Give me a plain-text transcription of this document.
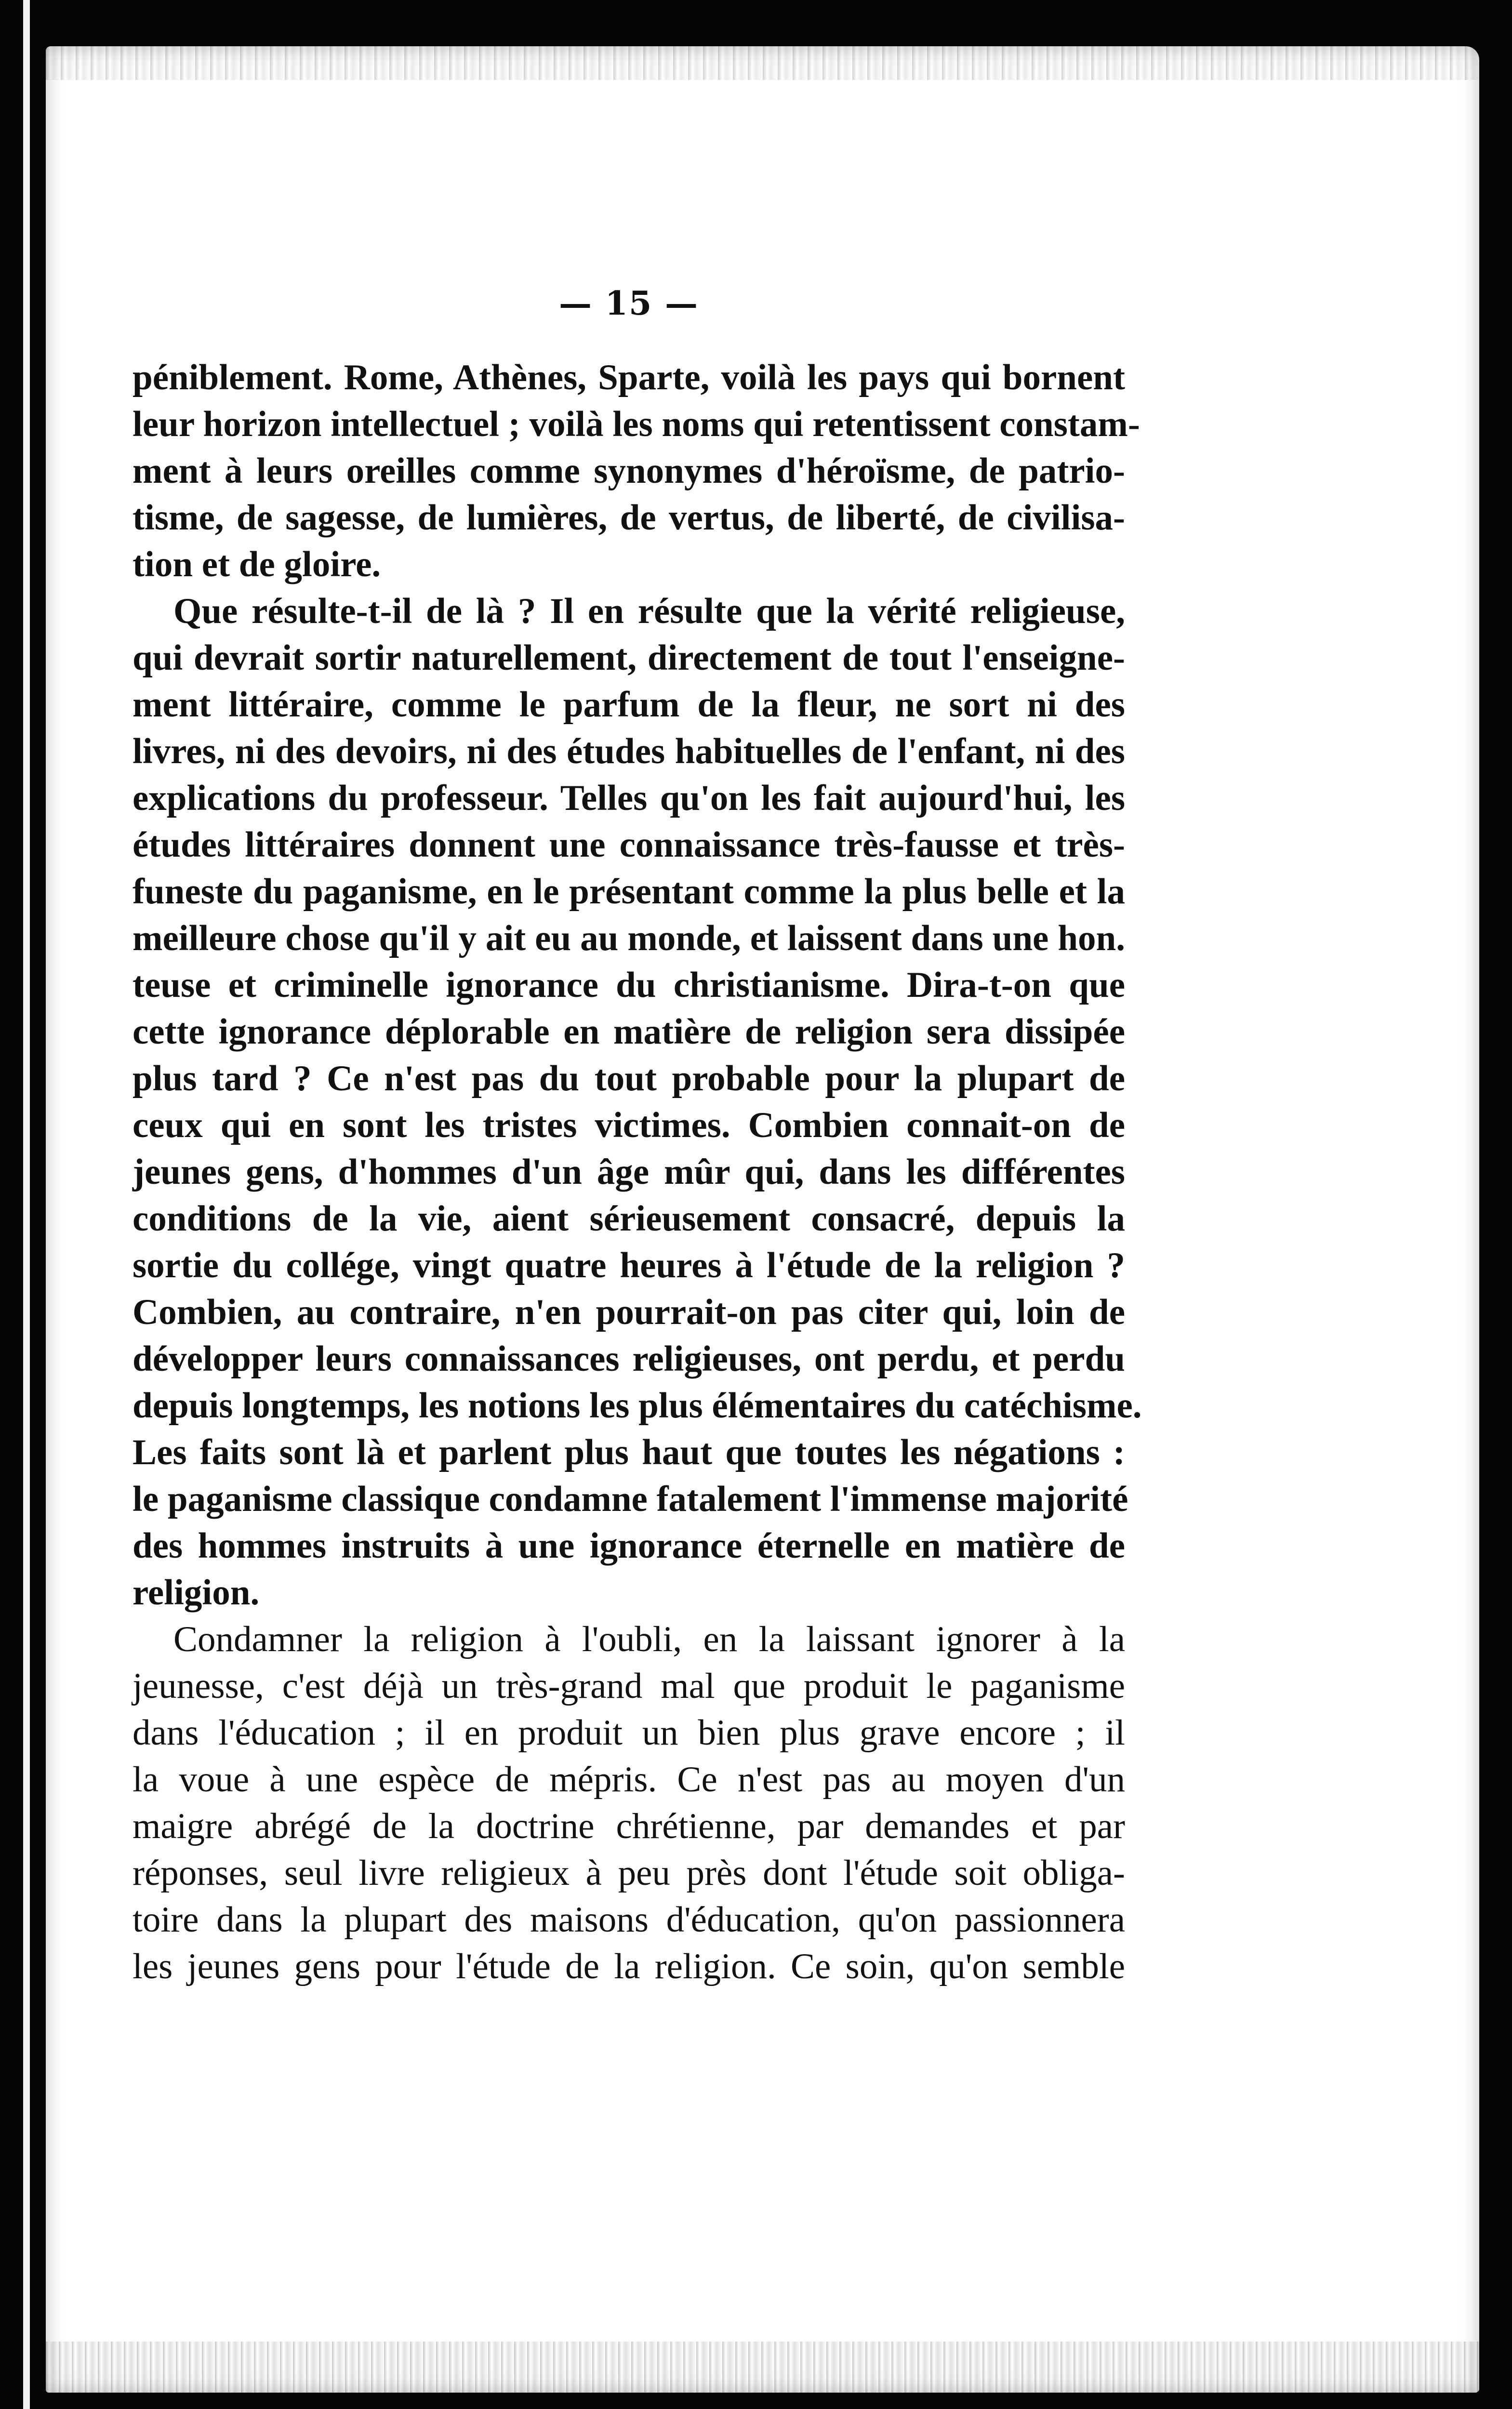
— 15 —
péniblement. Rome, Athènes, Sparte, voilà les pays qui bornent
leur horizon intellectuel ; voilà les noms qui retentissent constam-
ment à leurs oreilles comme synonymes d'héroïsme, de patrio-
tisme, de sagesse, de lumières, de vertus, de liberté, de civilisa-
tion et de gloire.
Que résulte-t-il de là ? Il en résulte que la vérité religieuse,
qui devrait sortir naturellement, directement de tout l'enseigne-
ment littéraire, comme le parfum de la fleur, ne sort ni des
livres, ni des devoirs, ni des études habituelles de l'enfant, ni des
explications du professeur. Telles qu'on les fait aujourd'hui, les
études littéraires donnent une connaissance très-fausse et très-
funeste du paganisme, en le présentant comme la plus belle et la
meilleure chose qu'il y ait eu au monde, et laissent dans une hon.
teuse et criminelle ignorance du christianisme. Dira-t-on que
cette ignorance déplorable en matière de religion sera dissipée
plus tard ? Ce n'est pas du tout probable pour la plupart de
ceux qui en sont les tristes victimes. Combien connait-on de
jeunes gens, d'hommes d'un âge mûr qui, dans les différentes
conditions de la vie, aient sérieusement consacré, depuis la
sortie du collége, vingt quatre heures à l'étude de la religion ?
Combien, au contraire, n'en pourrait-on pas citer qui, loin de
développer leurs connaissances religieuses, ont perdu, et perdu
depuis longtemps, les notions les plus élémentaires du catéchisme.
Les faits sont là et parlent plus haut que toutes les négations :
le paganisme classique condamne fatalement l'immense majorité
des hommes instruits à une ignorance éternelle en matière de
religion.
Condamner la religion à l'oubli, en la laissant ignorer à la
jeunesse, c'est déjà un très-grand mal que produit le paganisme
dans l'éducation ; il en produit un bien plus grave encore ; il
la voue à une espèce de mépris. Ce n'est pas au moyen d'un
maigre abrégé de la doctrine chrétienne, par demandes et par
réponses, seul livre religieux à peu près dont l'étude soit obliga-
toire dans la plupart des maisons d'éducation, qu'on passionnera
les jeunes gens pour l'étude de la religion. Ce soin, qu'on semble
